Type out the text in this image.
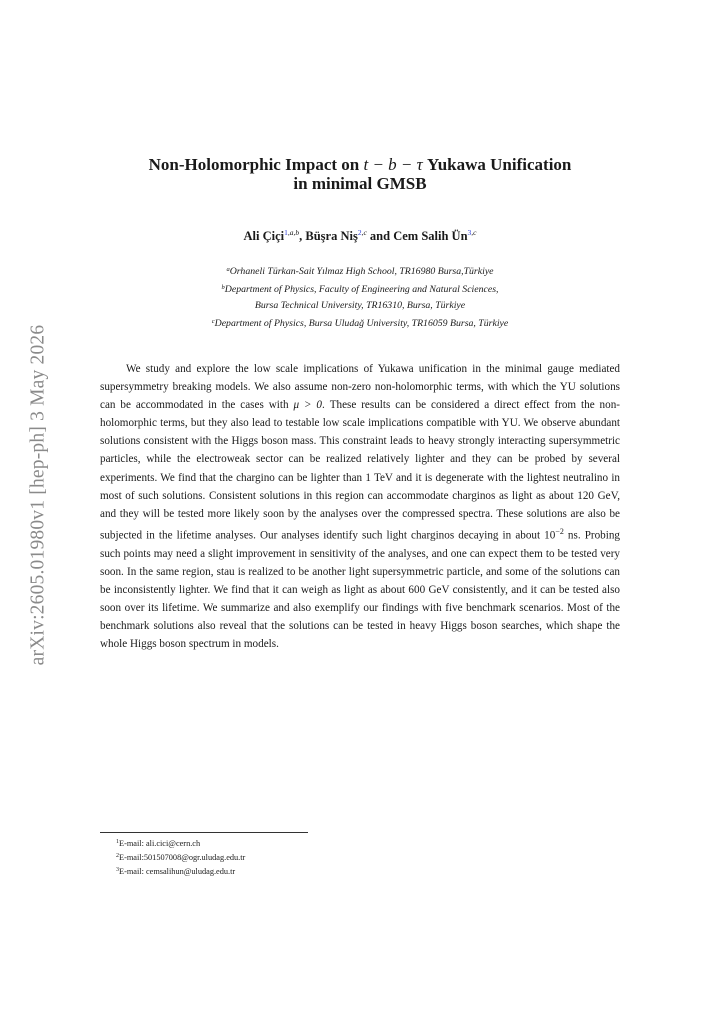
arXiv:2605.01980v1 [hep-ph] 3 May 2026
Non-Holomorphic Impact on t − b − τ Yukawa Unification
in minimal GMSB
Ali Çiçi$^{1,a,b}$, Büşra Niş$^{2,c}$ and Cem Salih Ün$^{3,c}$
$^a$Orhaneli Türkan-Sait Yılmaz High School, TR16980 Bursa,Türkiye
$^b$Department of Physics, Faculty of Engineering and Natural Sciences,
Bursa Technical University, TR16310, Bursa, Türkiye
$^c$Department of Physics, Bursa Uludağ University, TR16059 Bursa, Türkiye
We study and explore the low scale implications of Yukawa unification in the minimal gauge mediated supersymmetry breaking models. We also assume non-zero non-holomorphic terms, with which the YU solutions can be accommodated in the cases with μ > 0. These results can be considered a direct effect from the non-holomorphic terms, but they also lead to testable low scale implications compatible with YU. We observe abundant solutions consistent with the Higgs boson mass. This constraint leads to heavy strongly interacting supersymmetric particles, while the electroweak sector can be realized relatively lighter and they can be probed by several experiments. We find that the chargino can be lighter than 1 TeV and it is degenerate with the lightest neutralino in most of such solutions. Consistent solutions in this region can accommodate charginos as light as about 120 GeV, and they will be tested more likely soon by the analyses over the compressed spectra. These solutions are also be subjected in the lifetime analyses. Our analyses identify such light charginos decaying in about $10^{-2}$ ns. Probing such points may need a slight improvement in sensitivity of the analyses, and one can expect them to be tested very soon. In the same region, stau is realized to be another light supersymmetric particle, and some of the solutions can be inconsistently lighter. We find that it can weigh as light as about 600 GeV consistently, and it can be tested also soon over its lifetime. We summarize and also exemplify our findings with five benchmark scenarios. Most of the benchmark solutions also reveal that the solutions can be tested in heavy Higgs boson searches, which shape the whole Higgs boson spectrum in models.
$^1$E-mail: ali.cici@cern.ch
$^2$E-mail:501507008@ogr.uludag.edu.tr
$^3$E-mail: cemsalihun@uludag.edu.tr
